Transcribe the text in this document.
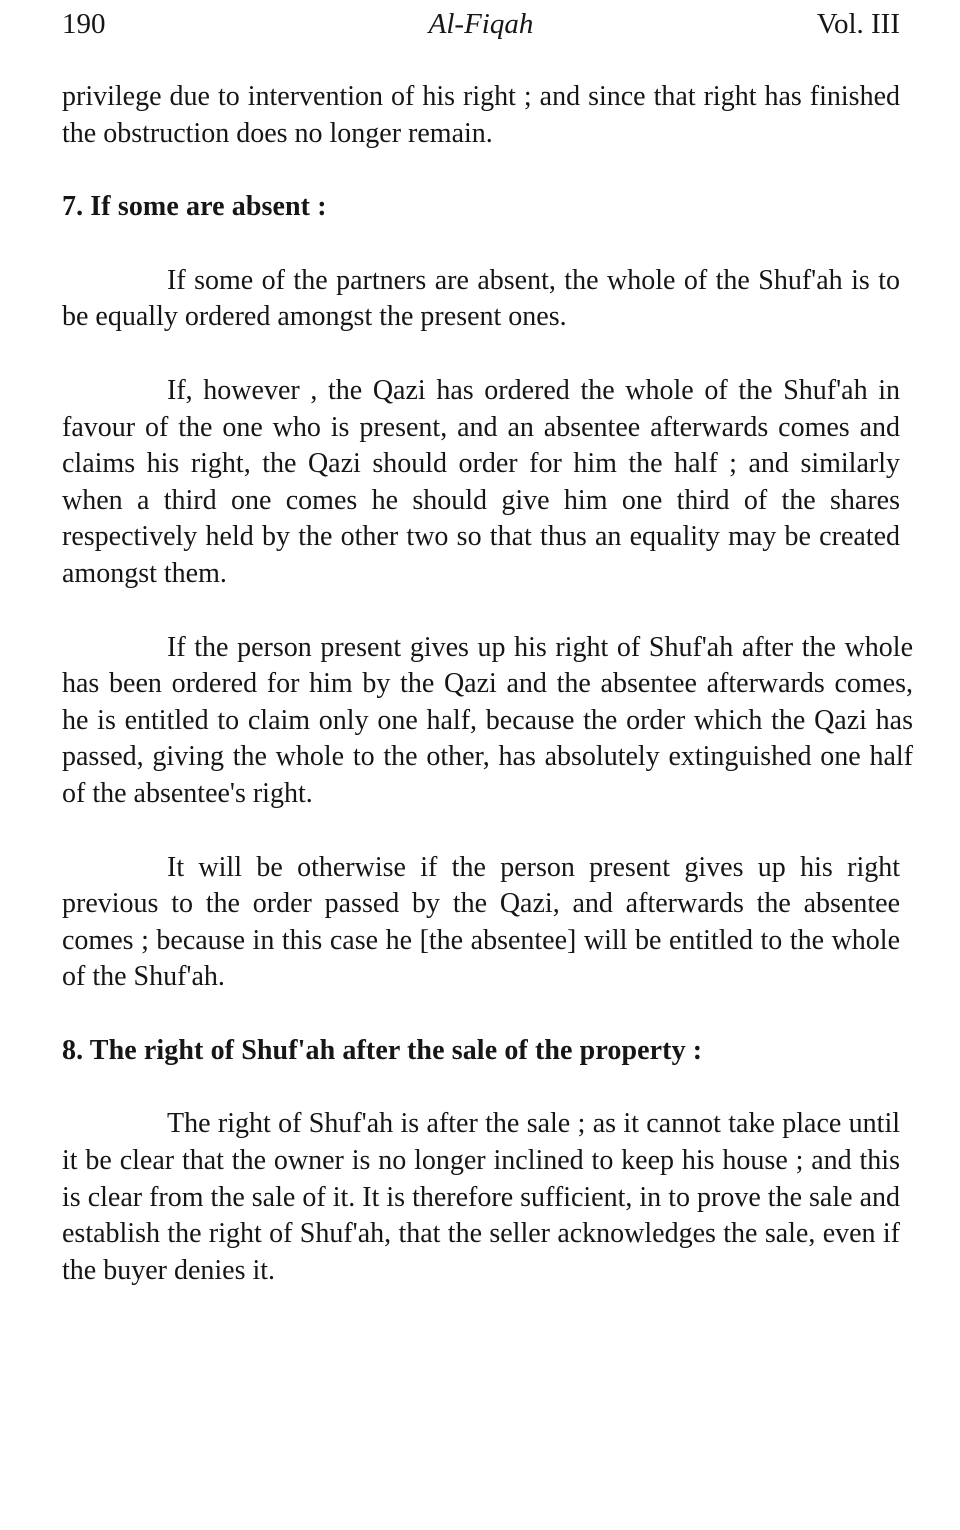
190	Al-Fiqah	Vol. III

privilege due to intervention of his right ; and since that right has finished the obstruction does no longer remain.

7. If some are absent :

If some of the partners are absent, the whole of the Shuf'ah is to be equally ordered amongst the present ones.

If, however , the Qazi has ordered the whole of the Shuf'ah in favour of the one who is present, and an absentee afterwards comes and claims his right, the Qazi should order for him the half ; and similarly when a third one comes he should give him one third of the shares respectively held by the other two so that thus an equality may be created amongst them.

If the person present gives up his right of Shuf'ah after the whole has been ordered for him by the Qazi and the absentee afterwards comes, he is entitled to claim only one half, because the order which the Qazi has passed, giving the whole to the other, has absolutely extinguished one half of the absentee's right.

It will be otherwise if the person present gives up his right previous to the order passed by the Qazi, and afterwards the absentee comes ; because in this case he [the absentee] will be entitled to the whole of the Shuf'ah.

8. The right of Shuf'ah after the sale of the property :

The right of Shuf'ah is after the sale ; as it cannot take place until it be clear that the owner is no longer inclined to keep his house ; and this is clear from the sale of it. It is therefore sufficient, in to prove the sale and establish the right of Shuf'ah, that the seller acknowledges the sale, even if the buyer denies it.
